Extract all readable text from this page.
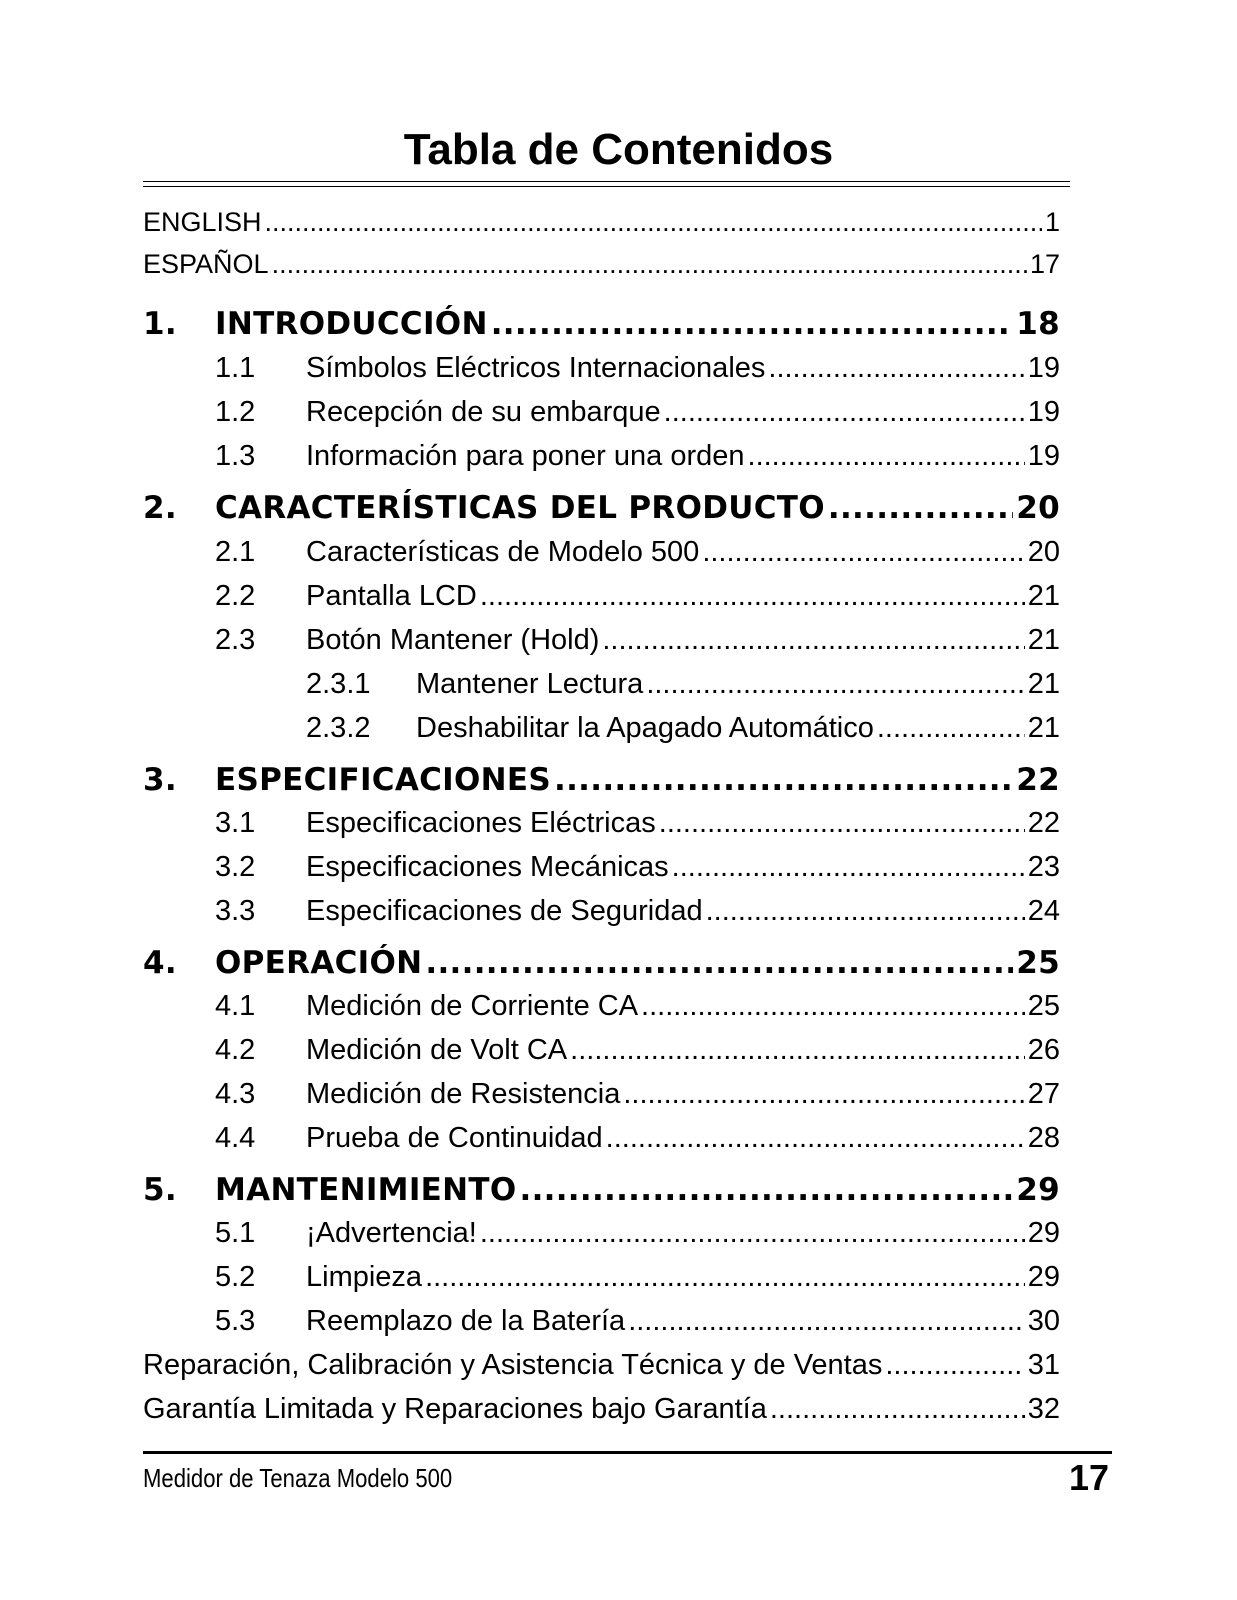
Tabla de Contenidos
ENGLISH .....	1
ESPAÑOL .....	17
1.	INTRODUCCIÓN .....	18
1.1	Símbolos Eléctricos Internacionales .....	19
1.2	Recepción de su embarque .....	19
1.3	Información para poner una orden .....	19
2.	CARACTERÍSTICAS DEL PRODUCTO .....	20
2.1	Características de Modelo 500 .....	20
2.2	Pantalla LCD .....	21
2.3	Botón Mantener (Hold) .....	21
2.3.1	Mantener Lectura .....	21
2.3.2	Deshabilitar la Apagado Automático .....	21
3.	ESPECIFICACIONES .....	22
3.1	Especificaciones Eléctricas .....	22
3.2	Especificaciones Mecánicas .....	23
3.3	Especificaciones de Seguridad .....	24
4.	OPERACIÓN .....	25
4.1	Medición de Corriente CA .....	25
4.2	Medición de Volt CA .....	26
4.3	Medición de Resistencia .....	27
4.4	Prueba de Continuidad .....	28
5.	MANTENIMIENTO .....	29
5.1	¡Advertencia! .....	29
5.2	Limpieza .....	29
5.3	Reemplazo de la Batería .....	30
Reparación, Calibración y Asistencia Técnica y de Ventas .....	31
Garantía Limitada y Reparaciones bajo Garantía .....	32
Medidor de Tenaza Modelo 500	17
